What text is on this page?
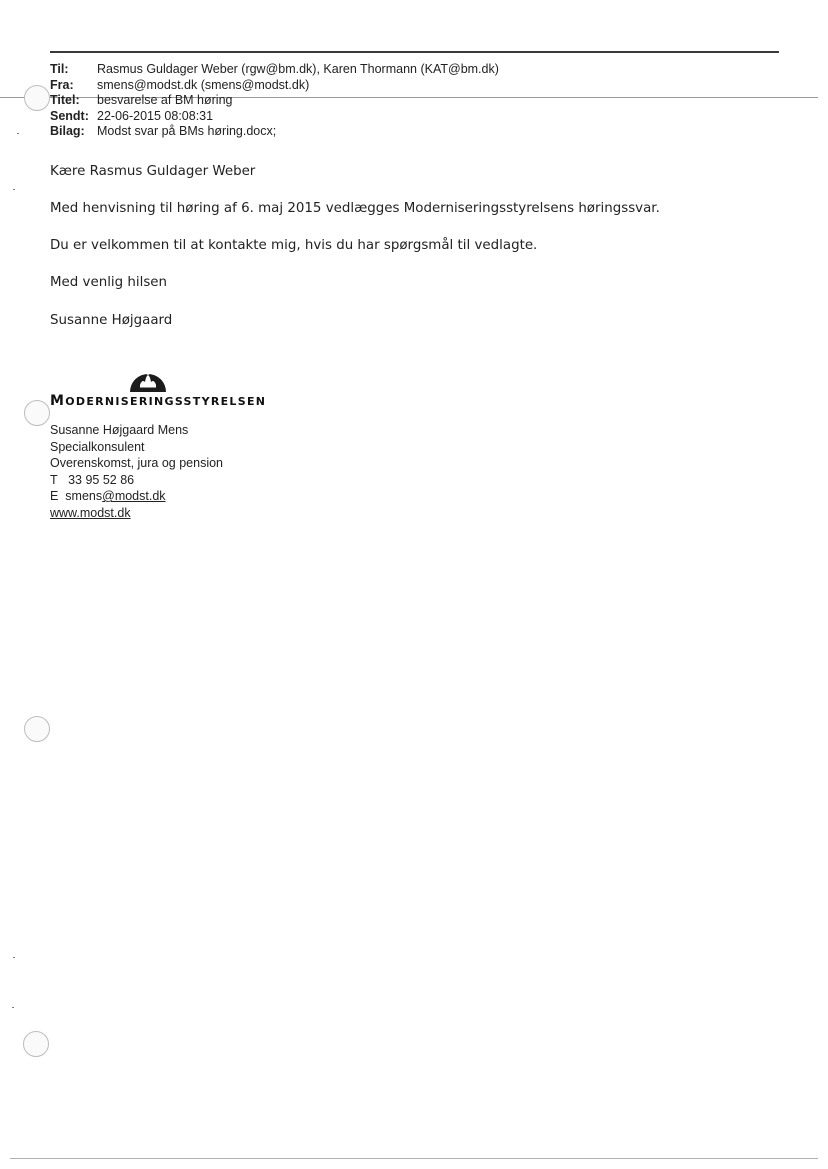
Til:	Rasmus Guldager Weber (rgw@bm.dk), Karen Thormann (KAT@bm.dk)
Fra:	smens@modst.dk (smens@modst.dk)
Titel:	besvarelse af BM høring
Sendt: 22-06-2015 08:08:31
Bilag: Modst svar på BMs høring.docx;
Kære Rasmus Guldager Weber
Med henvisning til høring af 6. maj 2015 vedlægges Moderniseringsstyrelsens høringssvar.
Du er velkommen til at kontakte mig, hvis du har spørgsmål til vedlagte.
Med venlig hilsen
Susanne Højgaard
MODERNISERINGSSTYRELSEN
Susanne Højgaard Mens
Specialkonsulent
Overenskomst, jura og pension
T 33 95 52 86
E smens@modst.dk
www.modst.dk
